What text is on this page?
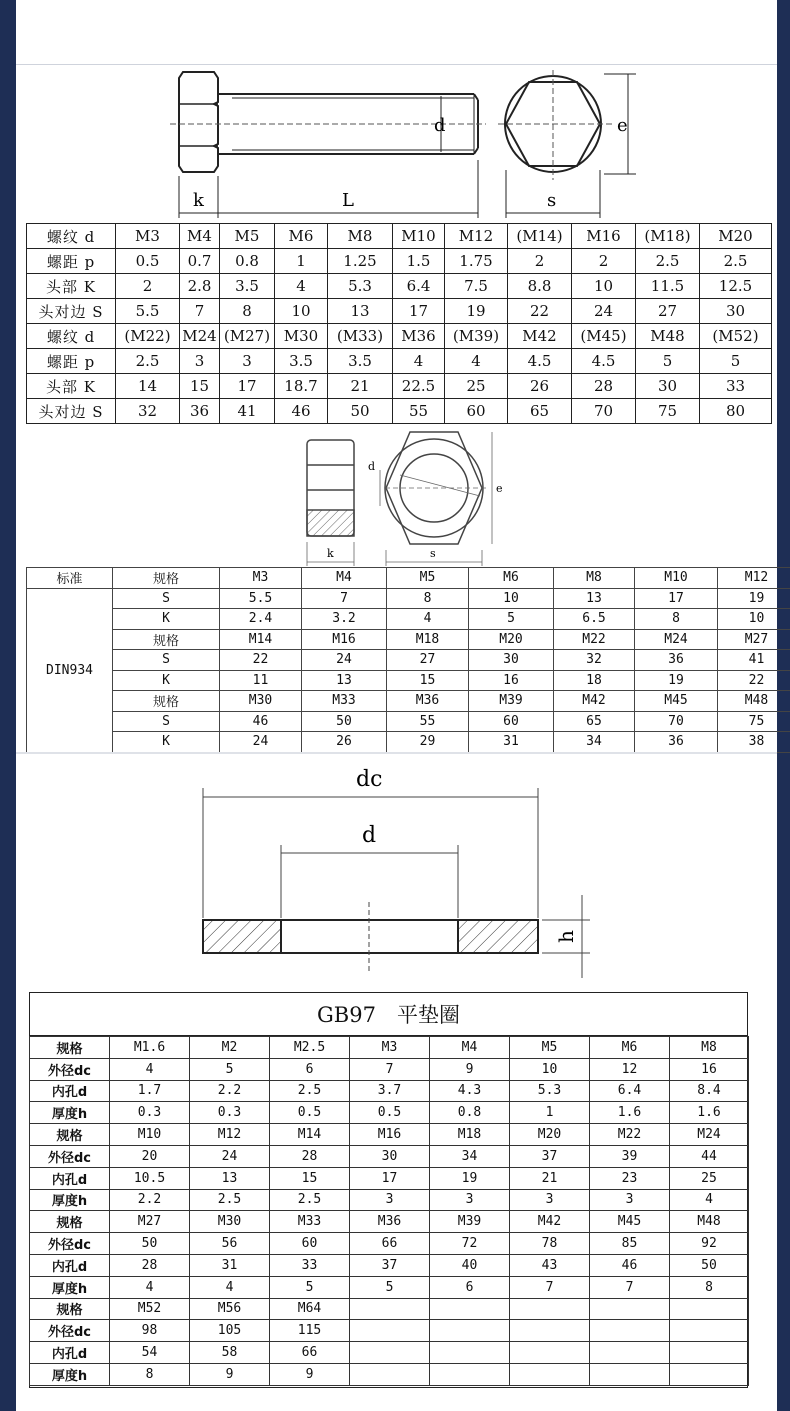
d	e
k	L	s
螺纹 d	M3	M4	M5	M6	M8	M10	M12	(M14)	M16	(M18)	M20
螺距 p	0.5	0.7	0.8	1	1.25	1.5	1.75	2	2	2.5	2.5
头部 K	2	2.8	3.5	4	5.3	6.4	7.5	8.8	10	11.5	12.5
头对边 S	5.5	7	8	10	13	17	19	22	24	27	30
螺纹 d	(M22)	M24	(M27)	M30	(M33)	M36	(M39)	M42	(M45)	M48	(M52)
螺距 p	2.5	3	3	3.5	3.5	4	4	4.5	4.5	5	5
头部 K	14	15	17	18.7	21	22.5	25	26	28	30	33
头对边 S	32	36	41	46	50	55	60	65	70	75	80
d
e
k	s
标准	规格	M3	M4	M5	M6	M8	M10	M12
DIN934	S	5.5	7	8	10	13	17	19
	K	2.4	3.2	4	5	6.5	8	10
	规格	M14	M16	M18	M20	M22	M24	M27
	S	22	24	27	30	32	36	41
	K	11	13	15	16	18	19	22
	规格	M30	M33	M36	M39	M42	M45	M48
	S	46	50	55	60	65	70	75
	K	24	26	29	31	34	36	38
dc
d
h
GB97　平垫圈
规格	M1.6	M2	M2.5	M3	M4	M5	M6	M8
外径dc	4	5	6	7	9	10	12	16
内孔d	1.7	2.2	2.5	3.7	4.3	5.3	6.4	8.4
厚度h	0.3	0.3	0.5	0.5	0.8	1	1.6	1.6
规格	M10	M12	M14	M16	M18	M20	M22	M24
外径dc	20	24	28	30	34	37	39	44
内孔d	10.5	13	15	17	19	21	23	25
厚度h	2.2	2.5	2.5	3	3	3	3	4
规格	M27	M30	M33	M36	M39	M42	M45	M48
外径dc	50	56	60	66	72	78	85	92
内孔d	28	31	33	37	40	43	46	50
厚度h	4	4	5	5	6	7	7	8
规格	M52	M56	M64					
外径dc	98	105	115					
内孔d	54	58	66					
厚度h	8	9	9					
